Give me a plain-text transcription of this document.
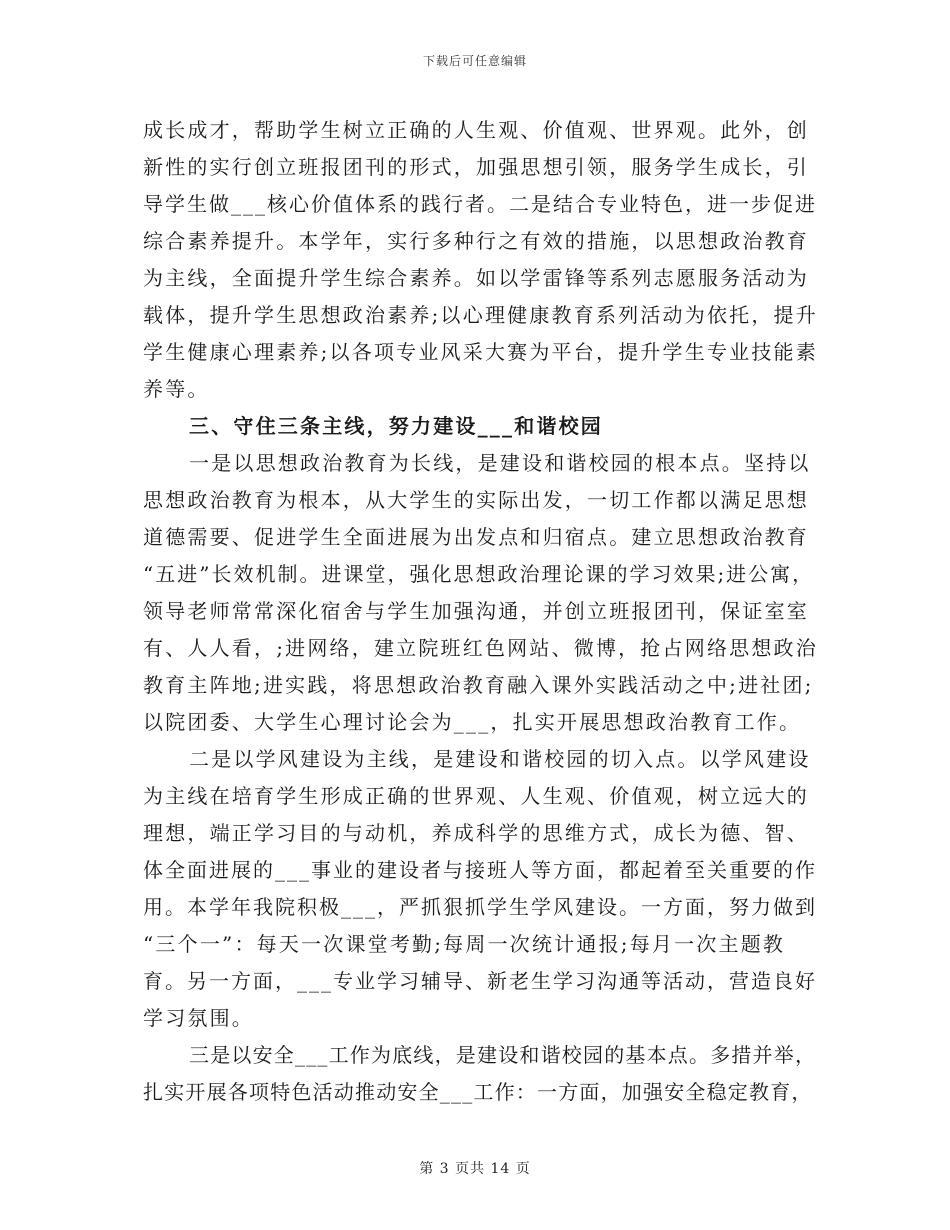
下载后可任意编辑
成长成才，帮助学生树立正确的人生观、价值观、世界观。此外，创
新性的实行创立班报团刊的形式，加强思想引领，服务学生成长，引
导学生做___核心价值体系的践行者。二是结合专业特色，进一步促进
综合素养提升。本学年，实行多种行之有效的措施，以思想政治教育
为主线，全面提升学生综合素养。如以学雷锋等系列志愿服务活动为
载体，提升学生思想政治素养;以心理健康教育系列活动为依托，提升
学生健康心理素养;以各项专业风采大赛为平台，提升学生专业技能素
养等。
三、守住三条主线，努力建设___和谐校园
一是以思想政治教育为长线，是建设和谐校园的根本点。坚持以
思想政治教育为根本，从大学生的实际出发，一切工作都以满足思想
道德需要、促进学生全面进展为出发点和归宿点。建立思想政治教育
“五进”长效机制。进课堂，强化思想政治理论课的学习效果;进公寓，
领导老师常常深化宿舍与学生加强沟通，并创立班报团刊，保证室室
有、人人看，;进网络，建立院班红色网站、微博，抢占网络思想政治
教育主阵地;进实践，将思想政治教育融入课外实践活动之中;进社团;
以院团委、大学生心理讨论会为___，扎实开展思想政治教育工作。
二是以学风建设为主线，是建设和谐校园的切入点。以学风建设
为主线在培育学生形成正确的世界观、人生观、价值观，树立远大的
理想，端正学习目的与动机，养成科学的思维方式，成长为德、智、
体全面进展的___事业的建设者与接班人等方面，都起着至关重要的作
用。本学年我院积极___，严抓狠抓学生学风建设。一方面，努力做到
“三个一”：每天一次课堂考勤;每周一次统计通报;每月一次主题教
育。另一方面，___专业学习辅导、新老生学习沟通等活动，营造良好
学习氛围。
三是以安全___工作为底线，是建设和谐校园的基本点。多措并举，
扎实开展各项特色活动推动安全___工作：一方面，加强安全稳定教育，
第 3 页共 14 页
